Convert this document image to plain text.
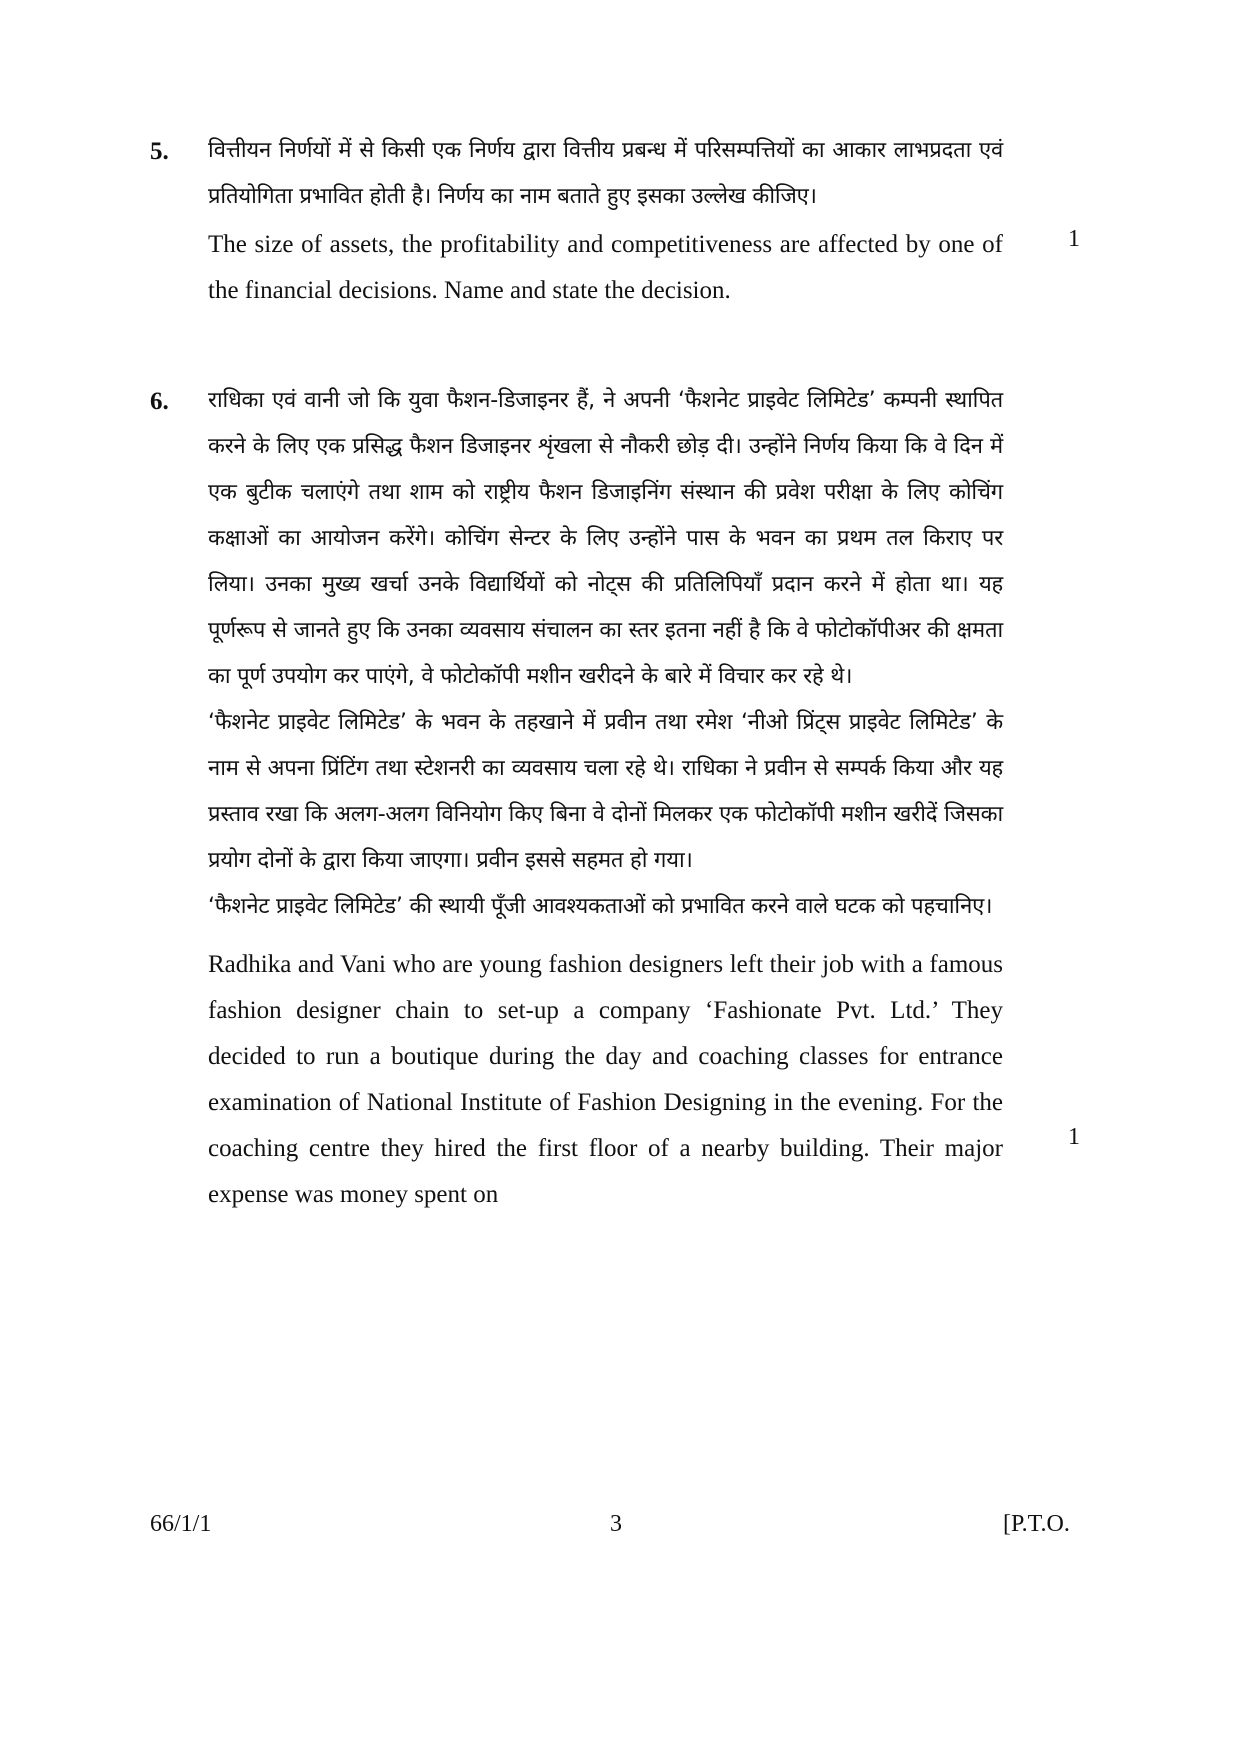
5. वित्तीयन निर्णयों में से किसी एक निर्णय द्वारा वित्तीय प्रबन्ध में परिसम्पत्तियों का आकार लाभप्रदता एवं प्रतियोगिता प्रभावित होती है। निर्णय का नाम बताते हुए इसका उल्लेख कीजिए।

The size of assets, the profitability and competitiveness are affected by one of the financial decisions. Name and state the decision.

1
6. राधिका एवं वानी जो कि युवा फैशन-डिजाइनर हैं, ने अपनी ‘फैशनेट प्राइवेट लिमिटेड’ कम्पनी स्थापित करने के लिए एक प्रसिद्ध फैशन डिजाइनर शृंखला से नौकरी छोड़ दी। उन्होंने निर्णय किया कि वे दिन में एक बुटीक चलाएंगे तथा शाम को राष्ट्रीय फैशन डिजाइनिंग संस्थान की प्रवेश परीक्षा के लिए कोचिंग कक्षाओं का आयोजन करेंगे। कोचिंग सेन्टर के लिए उन्होंने पास के भवन का प्रथम तल किराए पर लिया। उनका मुख्य खर्चा उनके विद्यार्थियों को नोट्स की प्रतिलिपियाँ प्रदान करने में होता था। यह पूर्णरूप से जानते हुए कि उनका व्यवसाय संचालन का स्तर इतना नहीं है कि वे फोटोकॉपीअर की क्षमता का पूर्ण उपयोग कर पाएंगे, वे फोटोकॉपी मशीन खरीदने के बारे में विचार कर रहे थे।

‘फैशनेट प्राइवेट लिमिटेड’ के भवन के तहखाने में प्रवीन तथा रमेश ‘नीओ प्रिंट्स प्राइवेट लिमिटेड’ के नाम से अपना प्रिंटिंग तथा स्टेशनरी का व्यवसाय चला रहे थे। राधिका ने प्रवीन से सम्पर्क किया और यह प्रस्ताव रखा कि अलग-अलग विनियोग किए बिना वे दोनों मिलकर एक फोटोकॉपी मशीन खरीदें जिसका प्रयोग दोनों के द्वारा किया जाएगा। प्रवीन इससे सहमत हो गया।

‘फैशनेट प्राइवेट लिमिटेड’ की स्थायी पूँजी आवश्यकताओं को प्रभावित करने वाले घटक को पहचानिए।

Radhika and Vani who are young fashion designers left their job with a famous fashion designer chain to set-up a company ‘Fashionate Pvt. Ltd.’ They decided to run a boutique during the day and coaching classes for entrance examination of National Institute of Fashion Designing in the evening. For the coaching centre they hired the first floor of a nearby building. Their major expense was money spent on

1
66/1/1	3	[P.T.O.
